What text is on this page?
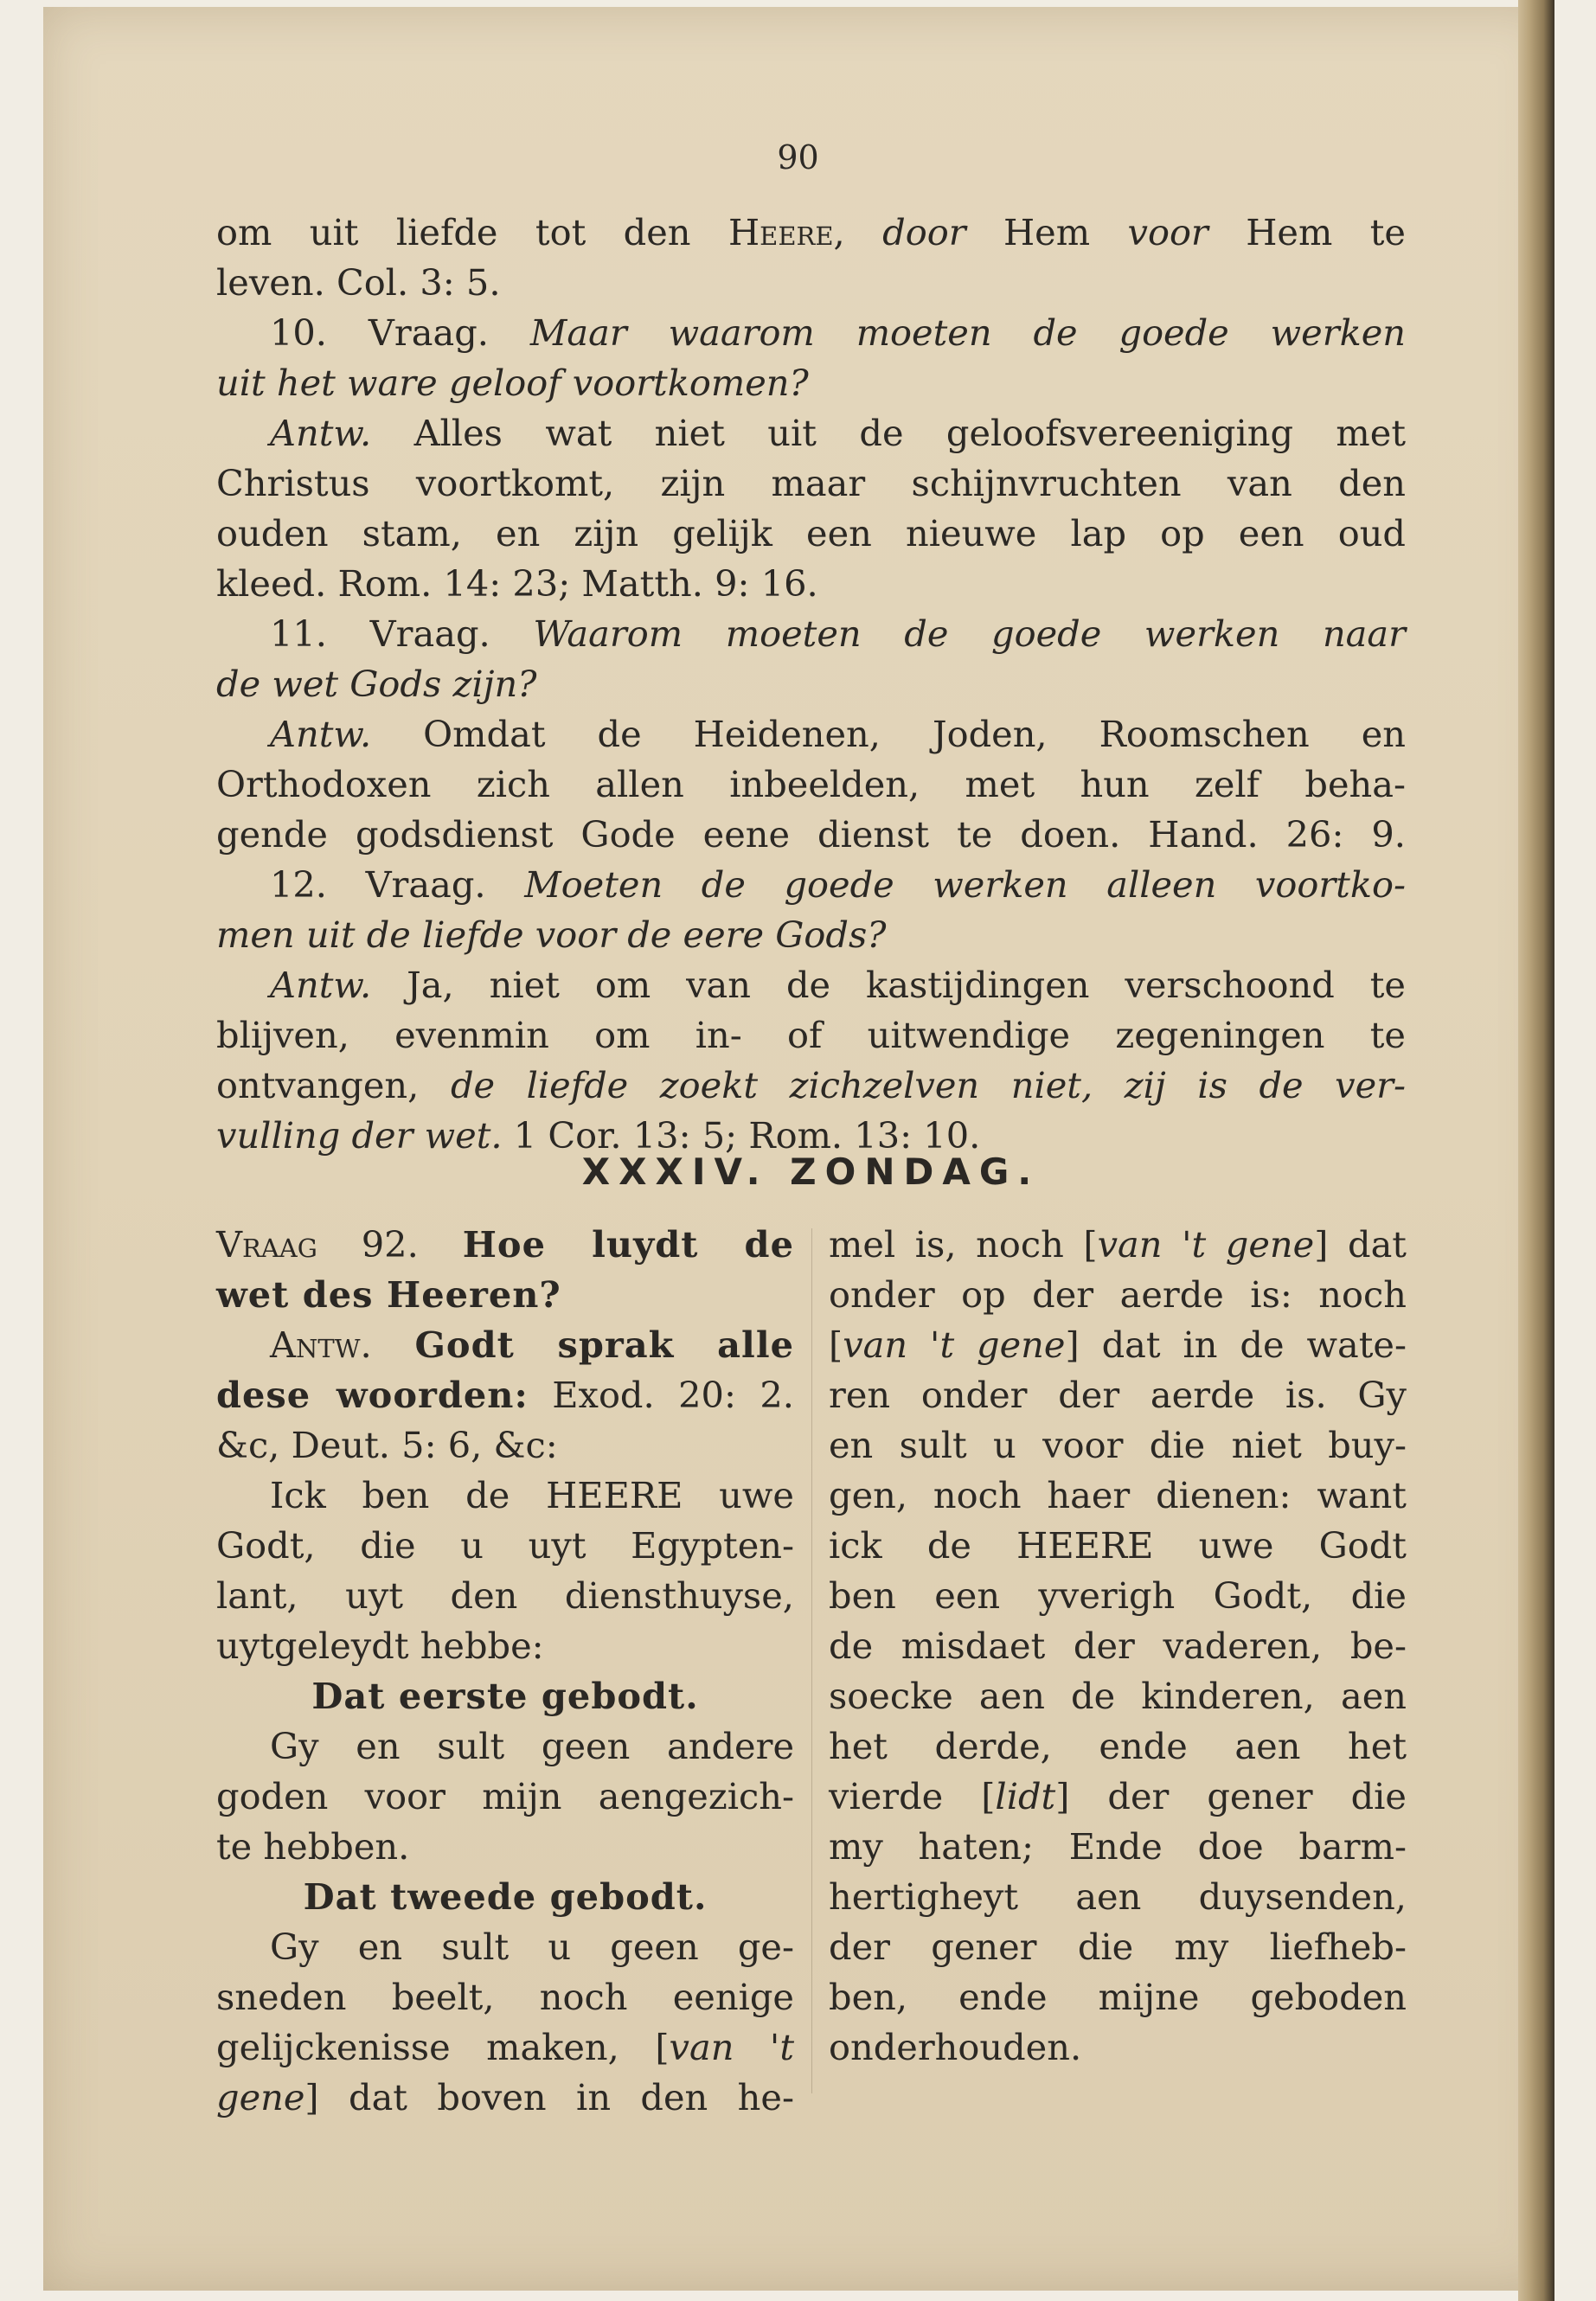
90
om uit liefde tot den Heere, door Hem voor Hem te
leven. Col. 3: 5.
10. Vraag. Maar waarom moeten de goede werken
uit het ware geloof voortkomen?
Antw. Alles wat niet uit de geloofsvereeniging met
Christus voortkomt, zijn maar schijnvruchten van den
ouden stam, en zijn gelijk een nieuwe lap op een oud
kleed. Rom. 14: 23; Matth. 9: 16.
11. Vraag. Waarom moeten de goede werken naar
de wet Gods zijn?
Antw. Omdat de Heidenen, Joden, Roomschen en
Orthodoxen zich allen inbeelden, met hun zelf beha-
gende godsdienst Gode eene dienst te doen. Hand. 26: 9.
12. Vraag. Moeten de goede werken alleen voortko-
men uit de liefde voor de eere Gods?
Antw. Ja, niet om van de kastijdingen verschoond te
blijven, evenmin om in- of uitwendige zegeningen te
ontvangen, de liefde zoekt zichzelven niet, zij is de ver-
vulling der wet. 1 Cor. 13: 5; Rom. 13: 10.
XXXIV. ZONDAG.
Vraag 92. Hoe luydt de
wet des Heeren?
Antw. Godt sprak alle
dese woorden: Exod. 20: 2.
&c, Deut. 5: 6, &c:
Ick ben de HEERE uwe
Godt, die u uyt Egypten-
lant, uyt den diensthuyse,
uytgeleydt hebbe:
Dat eerste gebodt.
Gy en sult geen andere
goden voor mijn aengezich-
te hebben.
Dat tweede gebodt.
Gy en sult u geen ge-
sneden beelt, noch eenige
gelijckenisse maken, [van 't
gene] dat boven in den he-
mel is, noch [van 't gene] dat
onder op der aerde is: noch
[van 't gene] dat in de wate-
ren onder der aerde is. Gy
en sult u voor die niet buy-
gen, noch haer dienen: want
ick de HEERE uwe Godt
ben een yverigh Godt, die
de misdaet der vaderen, be-
soecke aen de kinderen, aen
het derde, ende aen het
vierde [lidt] der gener die
my haten; Ende doe barm-
hertigheyt aen duysenden,
der gener die my liefheb-
ben, ende mijne geboden
onderhouden.
